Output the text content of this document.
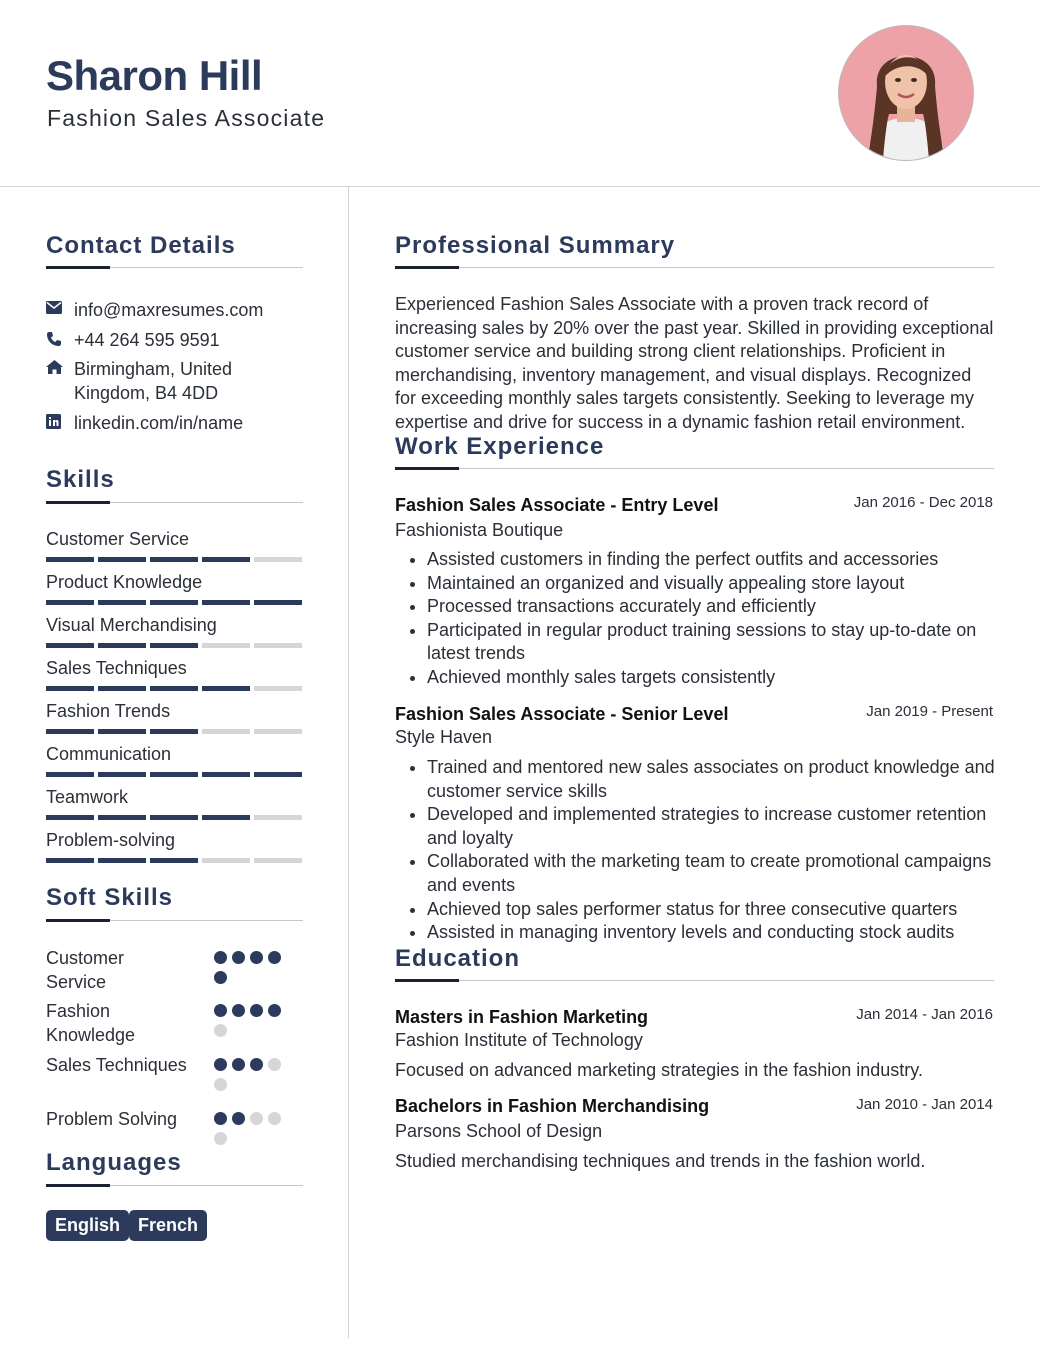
Sharon Hill
Fashion Sales Associate
Contact Details
info@maxresumes.com
+44 264 595 9591
Birmingham, United Kingdom, B4 4DD
linkedin.com/in/name
Skills
Customer Service
Product Knowledge
Visual Merchandising
Sales Techniques
Fashion Trends
Communication
Teamwork
Problem-solving
Soft Skills
Customer Service
Fashion Knowledge
Sales Techniques
Problem Solving
Languages
English French
Professional Summary
Experienced Fashion Sales Associate with a proven track record of increasing sales by 20% over the past year. Skilled in providing exceptional customer service and building strong client relationships. Proficient in merchandising, inventory management, and visual displays. Recognized for exceeding monthly sales targets consistently. Seeking to leverage my expertise and drive for success in a dynamic fashion retail environment.
Work Experience
Fashion Sales Associate - Entry Level	Jan 2016 - Dec 2018
Fashionista Boutique
• Assisted customers in finding the perfect outfits and accessories
• Maintained an organized and visually appealing store layout
• Processed transactions accurately and efficiently
• Participated in regular product training sessions to stay up-to-date on latest trends
• Achieved monthly sales targets consistently
Fashion Sales Associate - Senior Level	Jan 2019 - Present
Style Haven
• Trained and mentored new sales associates on product knowledge and customer service skills
• Developed and implemented strategies to increase customer retention and loyalty
• Collaborated with the marketing team to create promotional campaigns and events
• Achieved top sales performer status for three consecutive quarters
• Assisted in managing inventory levels and conducting stock audits
Education
Masters in Fashion Marketing	Jan 2014 - Jan 2016
Fashion Institute of Technology
Focused on advanced marketing strategies in the fashion industry.
Bachelors in Fashion Merchandising	Jan 2010 - Jan 2014
Parsons School of Design
Studied merchandising techniques and trends in the fashion world.
